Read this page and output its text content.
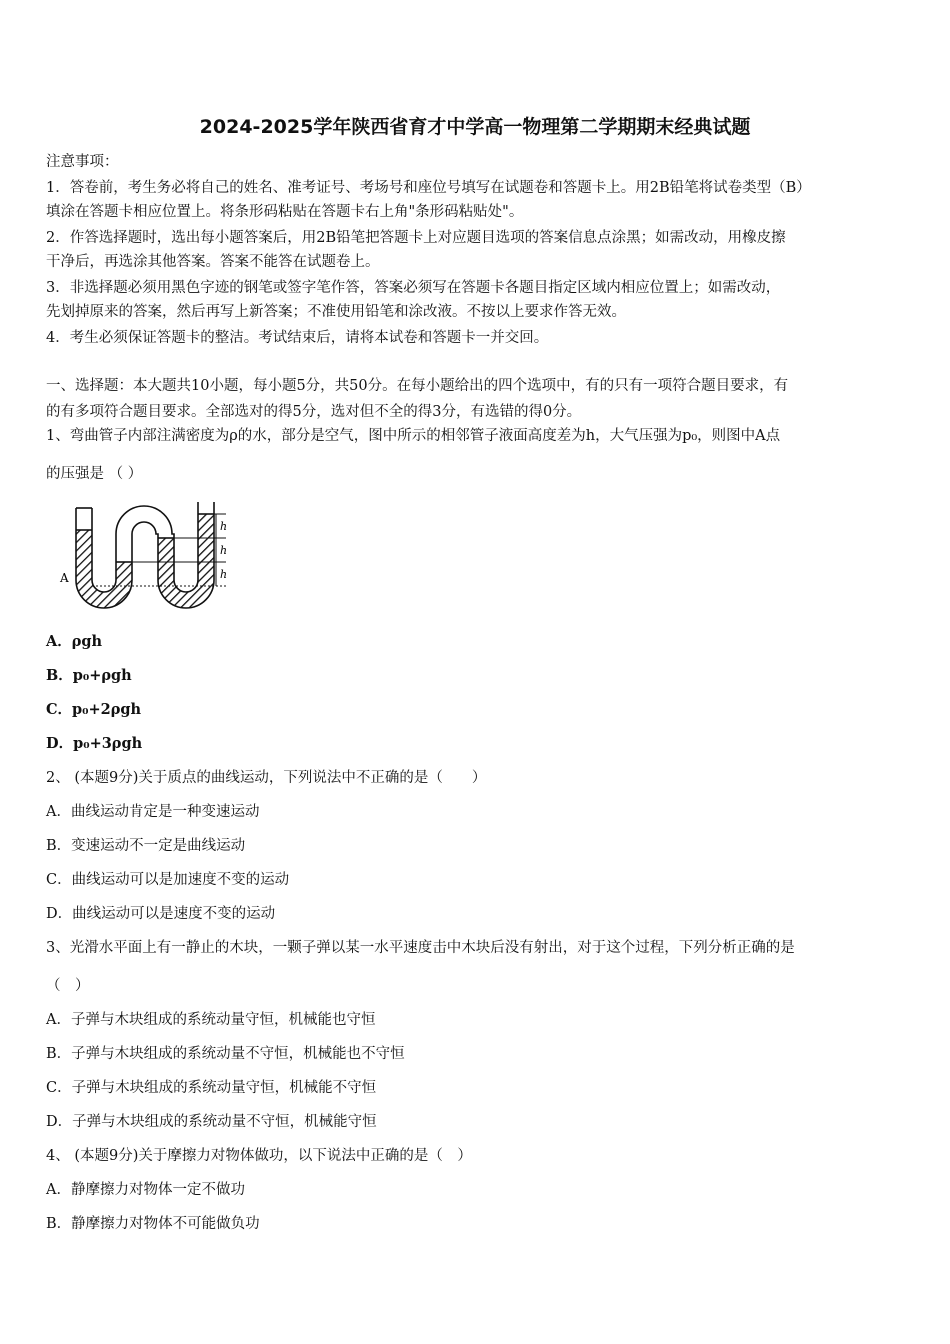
2024-2025学年陕西省育才中学高一物理第二学期期末经典试题
注意事项：
1．答卷前，考生务必将自己的姓名、准考证号、考场号和座位号填写在试题卷和答题卡上。用2B铅笔将试卷类型（B）
填涂在答题卡相应位置上。将条形码粘贴在答题卡右上角"条形码粘贴处"。
2．作答选择题时，选出每小题答案后，用2B铅笔把答题卡上对应题目选项的答案信息点涂黑；如需改动，用橡皮擦
干净后，再选涂其他答案。答案不能答在试题卷上。
3．非选择题必须用黑色字迹的钢笔或签字笔作答，答案必须写在答题卡各题目指定区域内相应位置上；如需改动，
先划掉原来的答案，然后再写上新答案；不准使用铅笔和涂改液。不按以上要求作答无效。
4．考生必须保证答题卡的整洁。考试结束后，请将本试卷和答题卡一并交回。
一、选择题：本大题共10小题，每小题5分，共50分。在每小题给出的四个选项中，有的只有一项符合题目要求，有
的有多项符合题目要求。全部选对的得5分，选对但不全的得3分，有选错的得0分。
1、弯曲管子内部注满密度为ρ的水，部分是空气，图中所示的相邻管子液面高度差为h，大气压强为p₀，则图中A点
的压强是 （ ）
h
h
h
A
A．ρgh
B．p₀+ρgh
C．p₀+2ρgh
D．p₀+3ρgh
2、 (本题9分)关于质点的曲线运动，下列说法中不正确的是（　　）
A．曲线运动肯定是一种变速运动
B．变速运动不一定是曲线运动
C．曲线运动可以是加速度不变的运动
D．曲线运动可以是速度不变的运动
3、光滑水平面上有一静止的木块，一颗子弹以某一水平速度击中木块后没有射出，对于这个过程，下列分析正确的是
（　）
A．子弹与木块组成的系统动量守恒，机械能也守恒
B．子弹与木块组成的系统动量不守恒，机械能也不守恒
C．子弹与木块组成的系统动量守恒，机械能不守恒
D．子弹与木块组成的系统动量不守恒，机械能守恒
4、 (本题9分)关于摩擦力对物体做功，以下说法中正确的是（　）
A．静摩擦力对物体一定不做功
B．静摩擦力对物体不可能做负功
